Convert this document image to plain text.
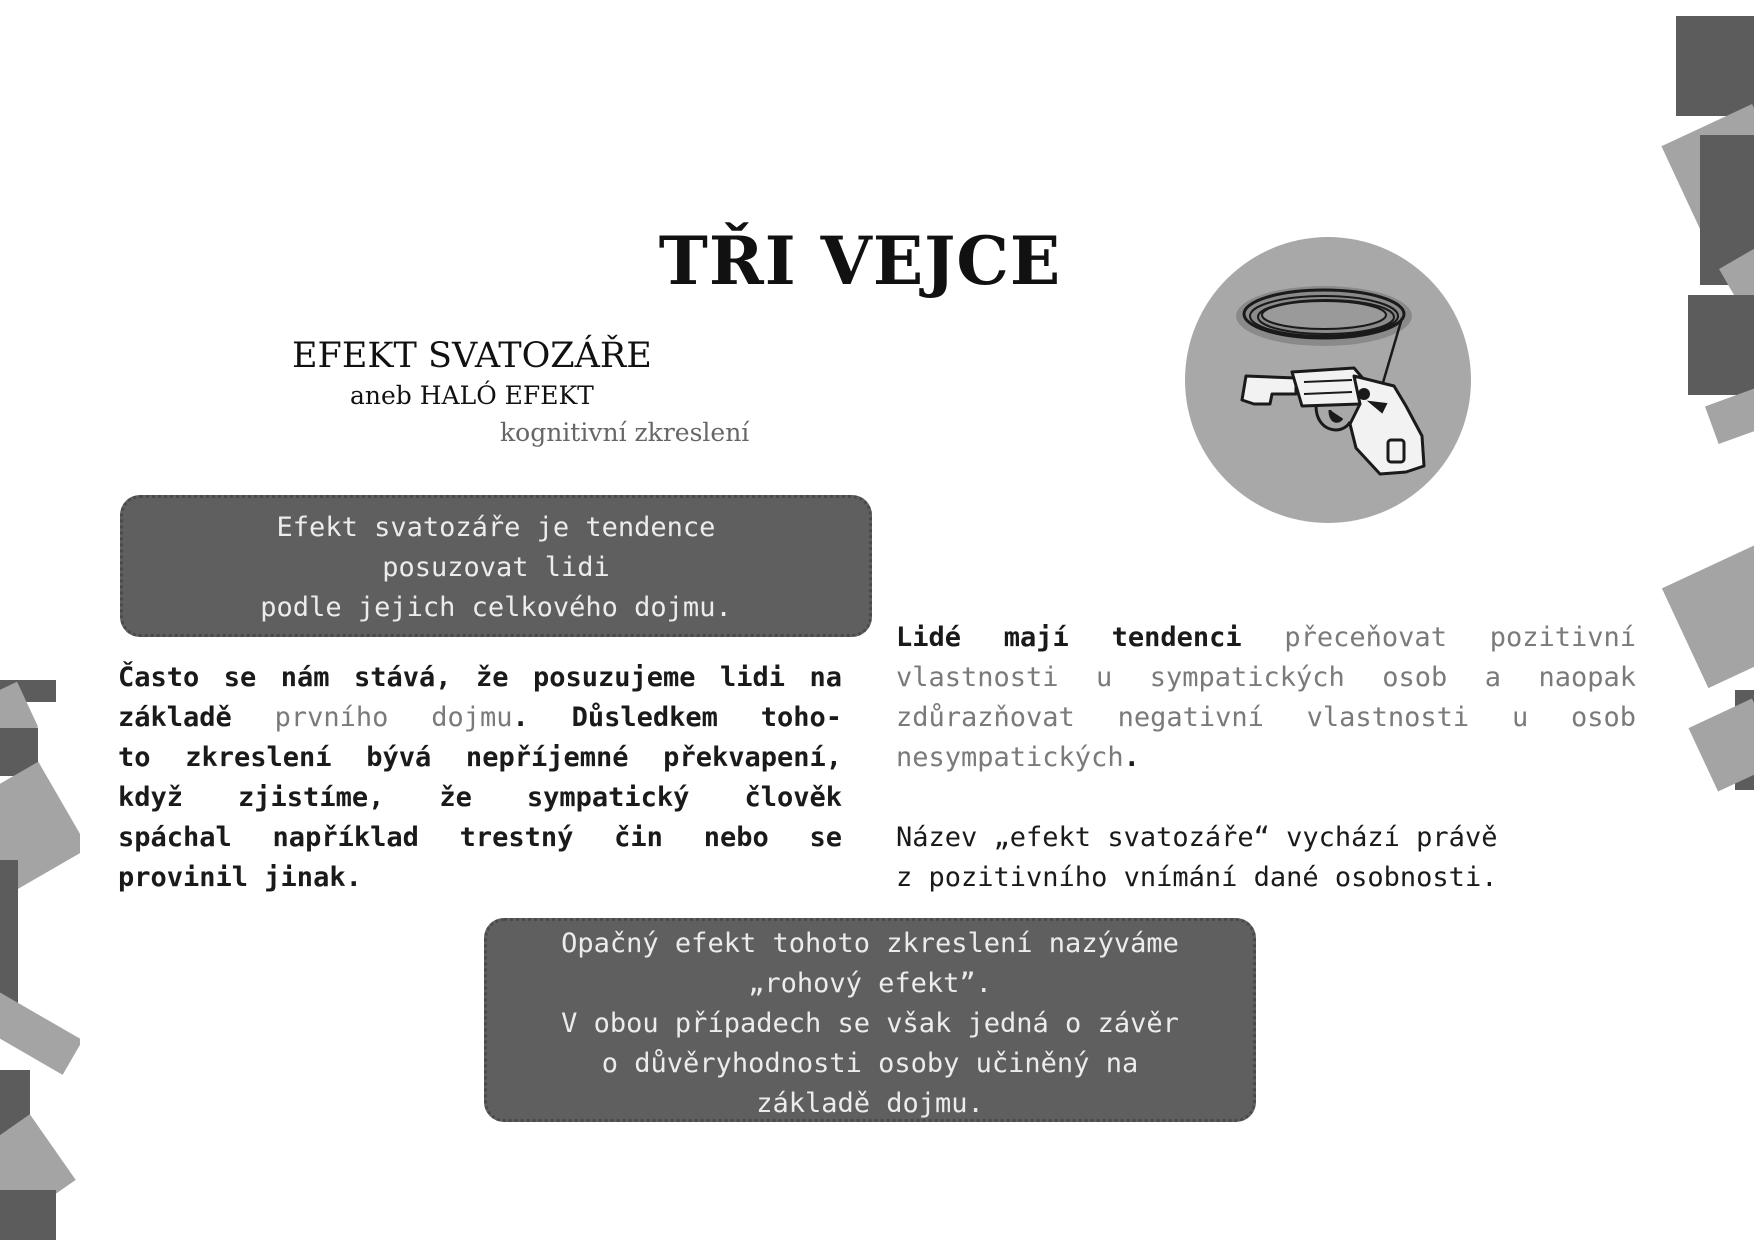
TŘI VEJCE
EFEKT SVATOZÁŘE
aneb HALÓ EFEKT
kognitivní zkreslení
Efekt svatozáře je tendence
posuzovat lidi
podle jejich celkového dojmu.
Často se nám stává, že posuzujeme lidi na
základě prvního dojmu. Důsledkem toho-
to zkreslení bývá nepříjemné překvapení,
když zjistíme, že sympatický člověk
spáchal například trestný čin nebo se
provinil jinak.
Lidé mají tendenci přeceňovat pozitivní
vlastnosti u sympatických osob a naopak
zdůrazňovat negativní vlastnosti u osob
nesympatických.
Název „efekt svatozáře“ vychází právě
z pozitivního vnímání dané osobnosti.
Opačný efekt tohoto zkreslení nazýváme
„rohový efekt”.
V obou případech se však jedná o závěr
o důvěryhodnosti osoby učiněný na
základě dojmu.
